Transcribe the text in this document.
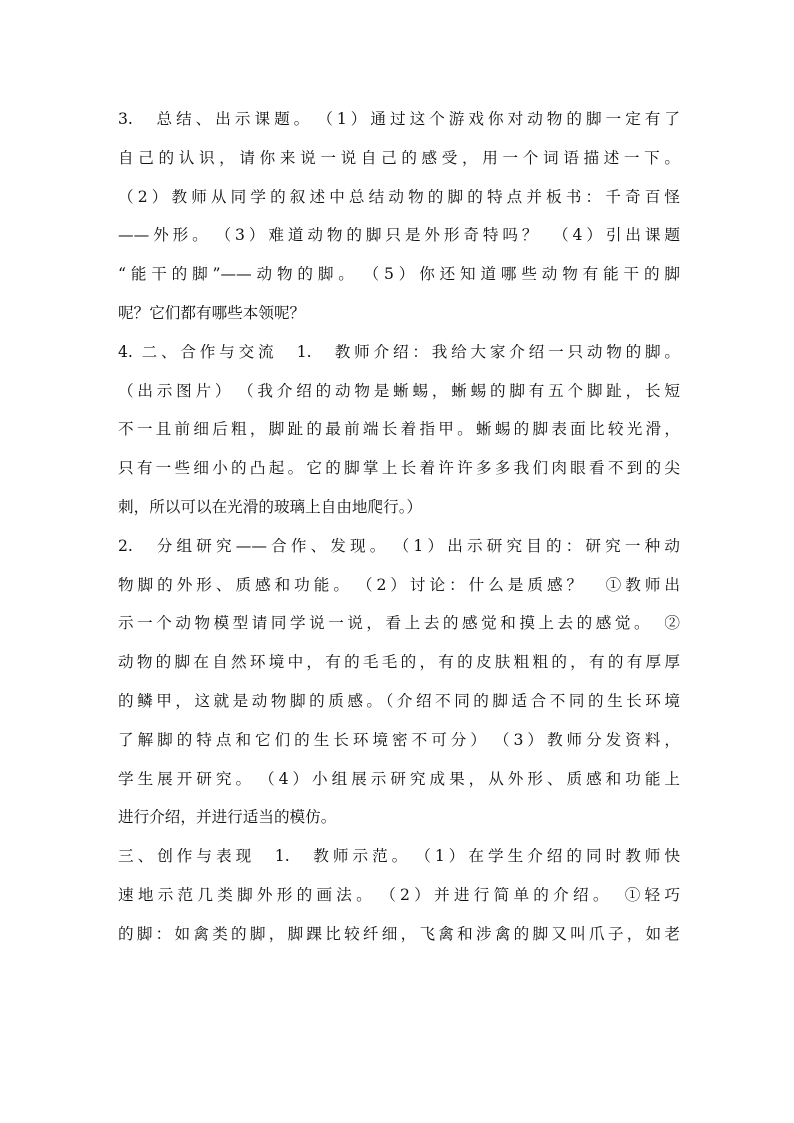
3.　总结、出示课题。　（1）通过这个游戏你对动物的脚一定有了
自己的认识，请你来说一说自己的感受，用一个词语描述一下。
（2）教师从同学的叙述中总结动物的脚的特点并板书：千奇百怪
——外形。　（3）难道动物的脚只是外形奇特吗？　（4）引出课题
“能干的脚”——动物的脚。　（5）你还知道哪些动物有能干的脚
呢？它们都有哪些本领呢？
4. 二、合作与交流　1.　教师介绍：我给大家介绍一只动物的脚。
（出示图片）　（我介绍的动物是蜥蜴，蜥蜴的脚有五个脚趾，长短
不一且前细后粗，脚趾的最前端长着指甲。蜥蜴的脚表面比较光滑，
只有一些细小的凸起。它的脚掌上长着许许多多我们肉眼看不到的尖
刺，所以可以在光滑的玻璃上自由地爬行。）
2.　分组研究——合作、发现。　（1）出示研究目的：研究一种动
物脚的外形、质感和功能。　（2）讨论：什么是质感？　①教师出
示一个动物模型请同学说一说，看上去的感觉和摸上去的感觉。　②
动物的脚在自然环境中，有的毛毛的，有的皮肤粗粗的，有的有厚厚
的鳞甲，这就是动物脚的质感。（介绍不同的脚适合不同的生长环境
了解脚的特点和它们的生长环境密不可分）　（3）教师分发资料，
学生展开研究。　（4）小组展示研究成果，从外形、质感和功能上
进行介绍，并进行适当的模仿。
三、创作与表现　1.　教师示范。　（1）在学生介绍的同时教师快
速地示范几类脚外形的画法。　（2）并进行简单的介绍。　①轻巧
的脚：如禽类的脚，脚踝比较纤细，飞禽和涉禽的脚又叫爪子，如老
